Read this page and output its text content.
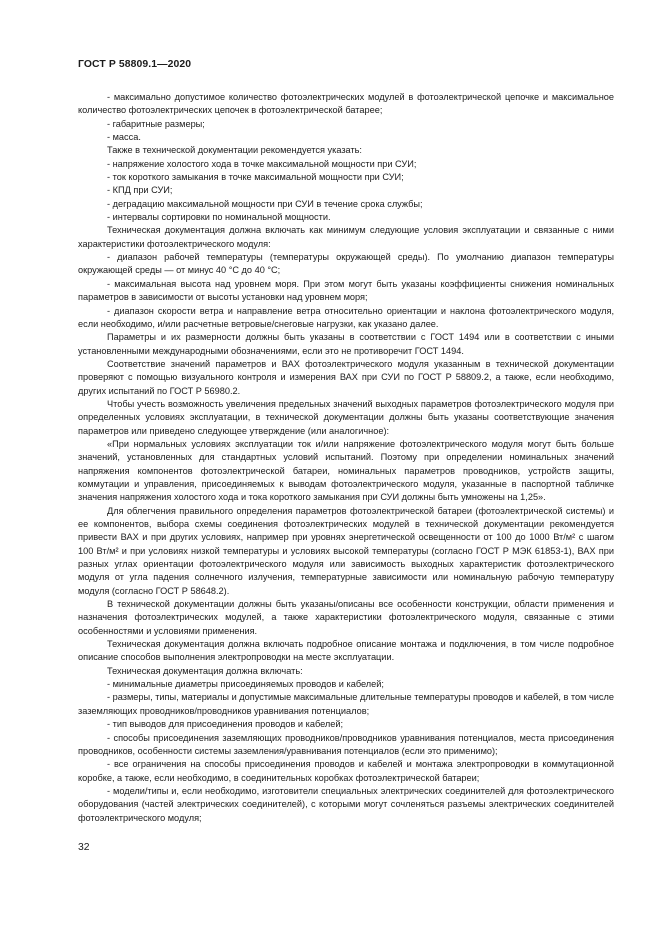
ГОСТ Р 58809.1—2020

- максимально допустимое количество фотоэлектрических модулей в фотоэлектрической цепочке и максимальное количество фотоэлектрических цепочек в фотоэлектрической батарее;

- габаритные размеры;

- масса.

Также в технической документации рекомендуется указать:

- напряжение холостого хода в точке максимальной мощности при СУИ;

- ток короткого замыкания в точке максимальной мощности при СУИ;

- КПД при СУИ;

- деградацию максимальной мощности при СУИ в течение срока службы;

- интервалы сортировки по номинальной мощности.

Техническая документация должна включать как минимум следующие условия эксплуатации и связанные с ними характеристики фотоэлектрического модуля:

- диапазон рабочей температуры (температуры окружающей среды). По умолчанию диапазон температуры окружающей среды — от минус 40 °С до 40 °С;

- максимальная высота над уровнем моря. При этом могут быть указаны коэффициенты снижения номинальных параметров в зависимости от высоты установки над уровнем моря;

- диапазон скорости ветра и направление ветра относительно ориентации и наклона фотоэлектрического модуля, если необходимо, и/или расчетные ветровые/снеговые нагрузки, как указано далее.

Параметры и их размерности должны быть указаны в соответствии с ГОСТ 1494 или в соответствии с иными установленными международными обозначениями, если это не противоречит ГОСТ 1494.

Соответствие значений параметров и ВАХ фотоэлектрического модуля указанным в технической документации проверяют с помощью визуального контроля и измерения ВАХ при СУИ по ГОСТ Р 58809.2, а также, если необходимо, других испытаний по ГОСТ Р 56980.2.

Чтобы учесть возможность увеличения предельных значений выходных параметров фотоэлектрического модуля при определенных условиях эксплуатации, в технической документации должны быть указаны соответствующие значения параметров или приведено следующее утверждение (или аналогичное):

«При нормальных условиях эксплуатации ток и/или напряжение фотоэлектрического модуля могут быть больше значений, установленных для стандартных условий испытаний. Поэтому при определении номинальных значений напряжения компонентов фотоэлектрической батареи, номинальных параметров проводников, устройств защиты, коммутации и управления, присоединяемых к выводам фотоэлектрического модуля, указанные в паспортной табличке значения напряжения холостого хода и тока короткого замыкания при СУИ должны быть умножены на 1,25».

Для облегчения правильного определения параметров фотоэлектрической батареи (фотоэлектрической системы) и ее компонентов, выбора схемы соединения фотоэлектрических модулей в технической документации рекомендуется привести ВАХ и при других условиях, например при уровнях энергетической освещенности от 100 до 1000 Вт/м² с шагом 100 Вт/м² и при условиях низкой температуры и условиях высокой температуры (согласно ГОСТ Р МЭК 61853-1), ВАХ при разных углах ориентации фотоэлектрического модуля или зависимость выходных характеристик фотоэлектрического модуля от угла падения солнечного излучения, температурные зависимости или номинальную рабочую температуру модуля (согласно ГОСТ Р 58648.2).

В технической документации должны быть указаны/описаны все особенности конструкции, области применения и назначения фотоэлектрических модулей, а также характеристики фотоэлектрического модуля, связанные с этими особенностями и условиями применения.

Техническая документация должна включать подробное описание монтажа и подключения, в том числе подробное описание способов выполнения электропроводки на месте эксплуатации.

Техническая документация должна включать:

- минимальные диаметры присоединяемых проводов и кабелей;

- размеры, типы, материалы и допустимые максимальные длительные температуры проводов и кабелей, в том числе заземляющих проводников/проводников уравнивания потенциалов;

- тип выводов для присоединения проводов и кабелей;

- способы присоединения заземляющих проводников/проводников уравнивания потенциалов, места присоединения проводников, особенности системы заземления/уравнивания потенциалов (если это применимо);

- все ограничения на способы присоединения проводов и кабелей и монтажа электропроводки в коммутационной коробке, а также, если необходимо, в соединительных коробках фотоэлектрической батареи;

- модели/типы и, если необходимо, изготовители специальных электрических соединителей для фотоэлектрического оборудования (частей электрических соединителей), с которыми могут сочленяться разъемы электрических соединителей фотоэлектрического модуля;

32
